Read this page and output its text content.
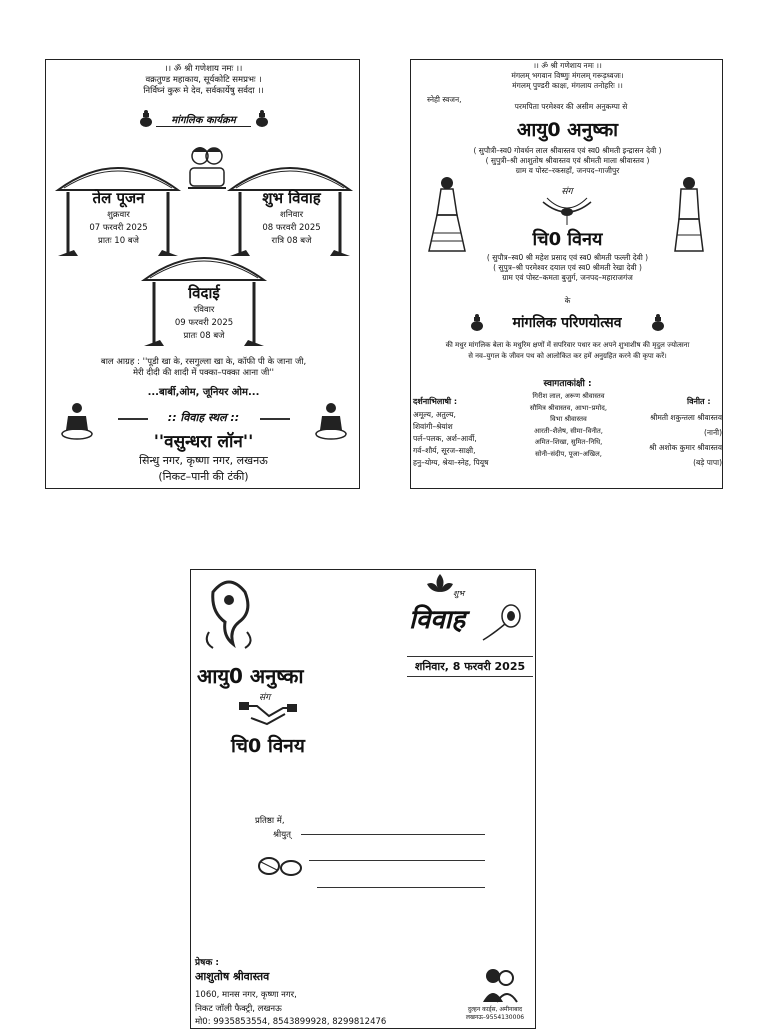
।। ॐ श्री गणेशाय नमः ।।
वक्रतुण्ड महाकाय, सूर्यकोटि समप्रभः ।
निर्विघ्नं कुरू मे देव, सर्वकार्येषु सर्वदा ।।
मांगलिक कार्यक्रम
तेल पूजन
शुक्रवार
07 फरवरी 2025
प्रातः 10 बजे
शुभ विवाह
शनिवार
08 फरवरी 2025
रात्रि 08 बजे
विदाई
रविवार
09 फरवरी 2025
प्रातः 08 बजे
बाल आग्रह : ''पूडी खा के, रसगुल्ला खा के, कॉफी पी के जाना जी,
मेरी दीदी की शादी में पक्का–पक्का आना जी''
...बार्बी,ओम, जूनियर ओम...
:: विवाह स्थल ::
''वसुन्धरा लॉन''
सिन्धु नगर, कृष्णा नगर, लखनऊ
(निकट–पानी की टंकी)
।। ॐ श्री गणेशाय नमः ।।
मंगलम् भगवान विष्णुः मंगलम् गरूड़ध्वजः।
मंगलम् पुण्डरी काक्षः, मंगलाय तनोहरिः ।।
स्नेही स्वजन,
परमपिता परमेश्वर की असीम अनुकम्पा से
आयु0 अनुष्का
( सुपौत्री–स्व0 गोवर्धन लाल श्रीवास्तव एवं स्व0 श्रीमती इन्द्रासन देवी )
( सुपुत्री–श्री आशुतोष श्रीवास्तव एवं श्रीमती माला श्रीवास्तव )
ग्राम व पोस्ट–रकसहाँ, जनपद–गाजीपुर
संग
चि0 विनय
( सुपौत्र–स्व0 श्री महेश प्रसाद एवं स्व0 श्रीमती फल्ली देवी )
( सुपुत्र–श्री परमेश्वर दयाल एवं स्व0 श्रीमती रेखा देवी )
ग्राम एवं पोस्ट–कमता बुजुर्ग, जनपद–महाराजगंज
के
मांगलिक परिणयोत्सव
की मधुर मांगलिक बेला के मधुरिम क्षणों में सपरिवार पधार कर अपने शुभाशीष की मृदुल ज्योत्सना
से नव–युगल के जीवन पथ को आलोकित कर हमें अनुग्रहित करने की कृपा करें।
स्वागताकांक्षी :
दर्शनाभिलाषी :
अमूल्य, अतुल्य,
शिवांगी–श्रेयांश
पर्ल–पलक, अर्श–आर्वी,
गर्व–शौर्य, सूरज–साक्षी,
हनु–योग्य, श्रेया–स्नेह, पियूष
गिरीश लाल, अरूण श्रीवास्तव
सौमित्र श्रीवास्तव, आभा–प्रमोद,
विभा श्रीवास्तव
आरती–शैलेष, सीमा–विनीत,
अमित–शिखा, सुमित–निधि,
सोनी–संदीप, पूजा–अखिल,
विनीत :
श्रीमती शकुन्तला श्रीवास्तव
(नानी)
श्री अशोक कुमार श्रीवास्तव
(बड़े पापा)
शुभ
विवाह
शनिवार, 8 फरवरी 2025
आयु0 अनुष्का
संग
चि0 विनय
प्रतिष्ठा में,
श्रीयुत्
प्रेषक :
आशुतोष श्रीवास्तव
1060, मानस नगर, कृष्णा नगर,
निकट जॉली फैक्ट्री, लखनऊ
मो0: 9935853554, 8543899928, 8299812476
दुल्हन कार्ड्स, अमीनाबाद
लखनऊ–9554130006
